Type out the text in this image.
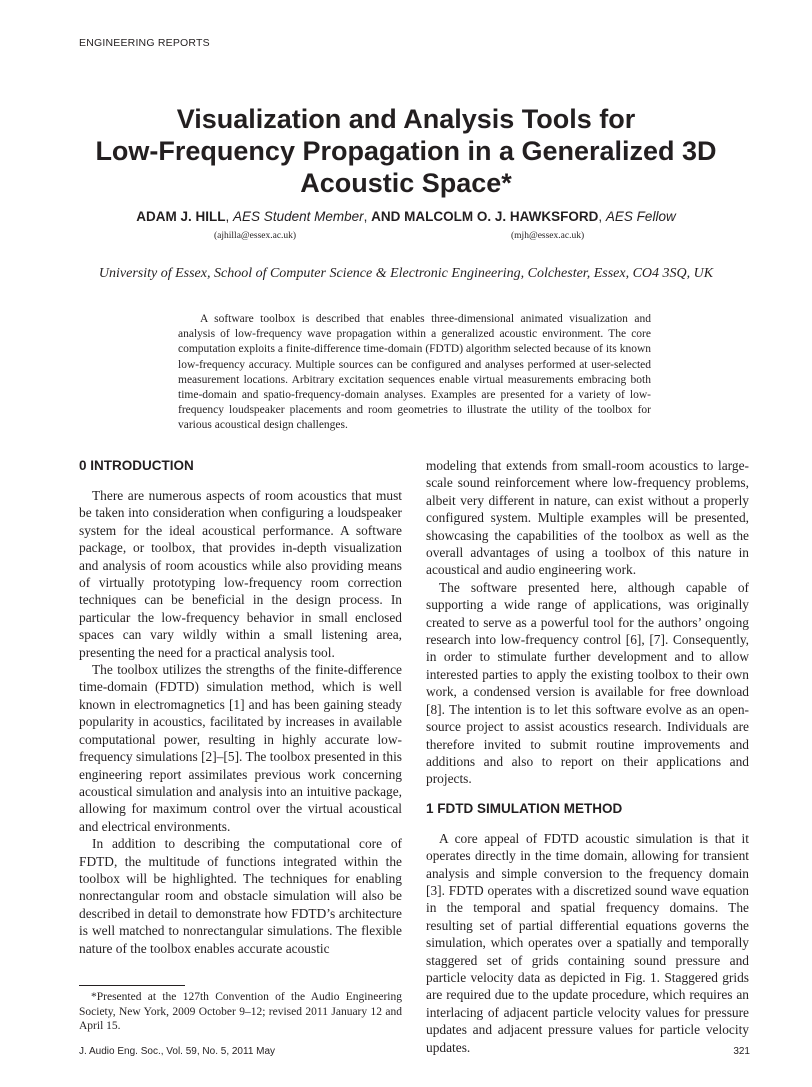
ENGINEERING REPORTS
Visualization and Analysis Tools for
Low-Frequency Propagation in a Generalized 3D
Acoustic Space*
ADAM J. HILL, AES Student Member, AND MALCOLM O. J. HAWKSFORD, AES Fellow
(ajhilla@essex.ac.uk)	(mjh@essex.ac.uk)
University of Essex, School of Computer Science & Electronic Engineering, Colchester, Essex, CO4 3SQ, UK

A software toolbox is described that enables three-dimensional animated visualization and analysis of low-frequency wave propagation within a generalized acoustic environment. The core computation exploits a finite-difference time-domain (FDTD) algorithm selected because of its known low-frequency accuracy. Multiple sources can be configured and analyses performed at user-selected measurement locations. Arbitrary excitation sequences enable virtual measurements embracing both time-domain and spatio-frequency-domain analyses. Examples are presented for a variety of low-frequency loudspeaker placements and room geometries to illustrate the utility of the toolbox for various acoustical design challenges.

0 INTRODUCTION

There are numerous aspects of room acoustics that must be taken into consideration when configuring a loudspeaker system for the ideal acoustical performance. A software package, or toolbox, that provides in-depth visualization and analysis of room acoustics while also providing means of virtually prototyping low-frequency room correction techniques can be beneficial in the design process. In particular the low-frequency behavior in small enclosed spaces can vary wildly within a small listening area, presenting the need for a practical analysis tool.

The toolbox utilizes the strengths of the finite-difference time-domain (FDTD) simulation method, which is well known in electromagnetics [1] and has been gaining steady popularity in acoustics, facilitated by increases in available computational power, resulting in highly accurate low-frequency simulations [2]–[5]. The toolbox presented in this engineering report assimilates previous work concerning acoustical simulation and analysis into an intuitive package, allowing for maximum control over the virtual acoustical and electrical environments.

In addition to describing the computational core of FDTD, the multitude of functions integrated within the toolbox will be highlighted. The techniques for enabling nonrectangular room and obstacle simulation will also be described in detail to demonstrate how FDTD’s architecture is well matched to nonrectangular simulations. The flexible nature of the toolbox enables accurate acoustic

modeling that extends from small-room acoustics to large-scale sound reinforcement where low-frequency problems, albeit very different in nature, can exist without a properly configured system. Multiple examples will be presented, showcasing the capabilities of the toolbox as well as the overall advantages of using a toolbox of this nature in acoustical and audio engineering work.

The software presented here, although capable of supporting a wide range of applications, was originally created to serve as a powerful tool for the authors’ ongoing research into low-frequency control [6], [7]. Consequently, in order to stimulate further development and to allow interested parties to apply the existing toolbox to their own work, a condensed version is available for free download [8]. The intention is to let this software evolve as an open-source project to assist acoustics research. Individuals are therefore invited to submit routine improvements and additions and also to report on their applications and projects.

1 FDTD SIMULATION METHOD

A core appeal of FDTD acoustic simulation is that it operates directly in the time domain, allowing for transient analysis and simple conversion to the frequency domain [3]. FDTD operates with a discretized sound wave equation in the temporal and spatial frequency domains. The resulting set of partial differential equations governs the simulation, which operates over a spatially and temporally staggered set of grids containing sound pressure and particle velocity data as depicted in Fig. 1. Staggered grids are required due to the update procedure, which requires an interlacing of adjacent particle velocity values for pressure updates and adjacent pressure values for particle velocity updates.

*Presented at the 127th Convention of the Audio Engineering Society, New York, 2009 October 9–12; revised 2011 January 12 and April 15.

J. Audio Eng. Soc., Vol. 59, No. 5, 2011 May	321
